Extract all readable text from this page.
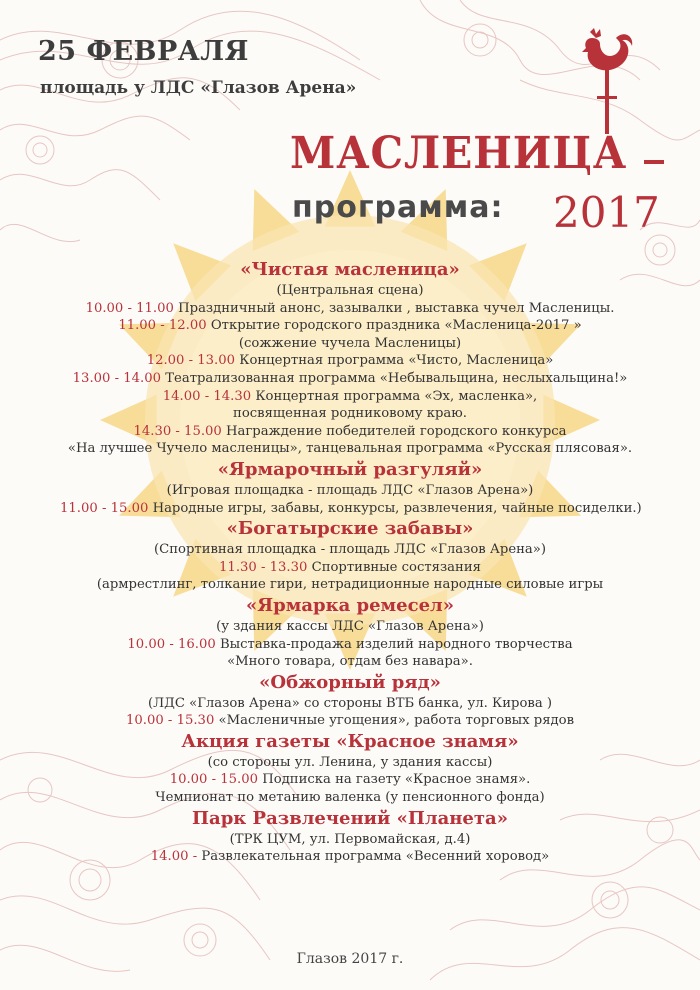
25 ФЕВРАЛЯ
площадь у ЛДС «Глазов Арена»
МАСЛЕНИЦА
программа: 2017
«Чистая масленица»
(Центральная сцена)
10.00 - 11.00 Праздничный анонс, зазывалки , выставка чучел Масленицы.
11.00 - 12.00 Открытие городского праздника «Масленица-2017 »
(сожжение чучела Масленицы)
12.00 - 13.00 Концертная программа «Чисто, Масленица»
13.00 - 14.00 Театрализованная программа «Небывальщина, неслыхальщина!»
14.00 - 14.30 Концертная программа «Эх, масленка»,
посвященная родниковому краю.
14.30 - 15.00 Награждение победителей городского конкурса
«На лучшее Чучело масленицы», танцевальная программа «Русская плясовая».
«Ярмарочный разгуляй»
(Игровая площадка - площадь ЛДС «Глазов Арена»)
11.00 - 15.00 Народные игры, забавы, конкурсы, развлечения, чайные посиделки.)
«Богатырские забавы»
(Спортивная площадка - площадь ЛДС «Глазов Арена»)
11.30 - 13.30 Спортивные состязания
(армрестлинг, толкание гири, нетрадиционные народные силовые игры
«Ярмарка ремесел»
(у здания кассы ЛДС «Глазов Арена»)
10.00 - 16.00 Выставка-продажа изделий народного творчества
«Много товара, отдам без навара».
«Обжорный ряд»
(ЛДС «Глазов Арена» со стороны ВТБ банка, ул. Кирова )
10.00 - 15.30 «Масленичные угощения», работа торговых рядов
Акция газеты «Красное знамя»
(со стороны ул. Ленина, у здания кассы)
10.00 - 15.00 Подписка на газету «Красное знамя».
Чемпионат по метанию валенка (у пенсионного фонда)
Парк Развлечений «Планета»
(ТРК ЦУМ, ул. Первомайская, д.4)
14.00 - Развлекательная программа «Весенний хоровод»
Глазов 2017 г.
